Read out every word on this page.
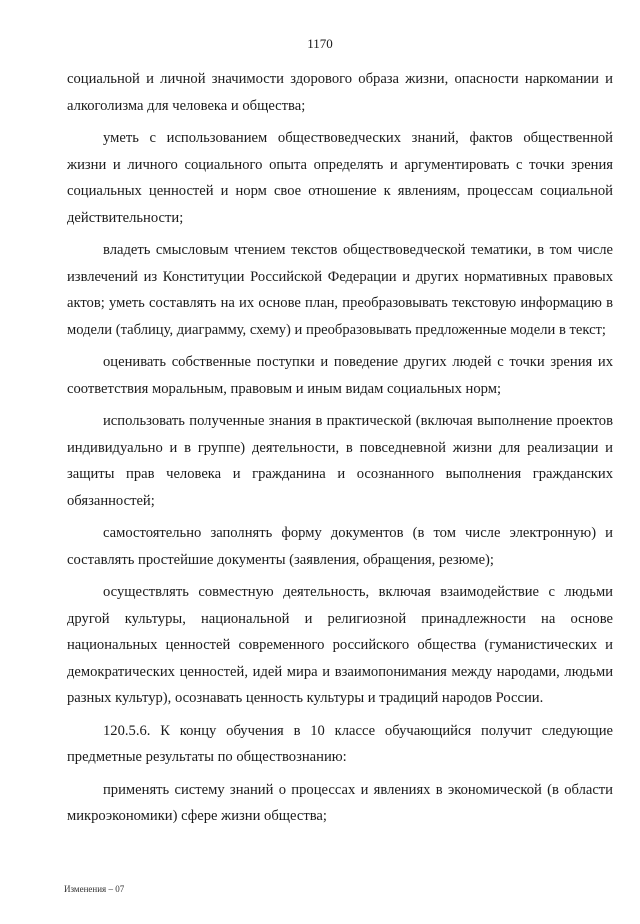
1170

социальной и личной значимости здорового образа жизни, опасности наркомании и алкоголизма для человека и общества;

уметь с использованием обществоведческих знаний, фактов общественной жизни и личного социального опыта определять и аргументировать с точки зрения социальных ценностей и норм свое отношение к явлениям, процессам социальной действительности;

владеть смысловым чтением текстов обществоведческой тематики, в том числе извлечений из Конституции Российской Федерации и других нормативных правовых актов; уметь составлять на их основе план, преобразовывать текстовую информацию в модели (таблицу, диаграмму, схему) и преобразовывать предложенные модели в текст;

оценивать собственные поступки и поведение других людей с точки зрения их соответствия моральным, правовым и иным видам социальных норм;

использовать полученные знания в практической (включая выполнение проектов индивидуально и в группе) деятельности, в повседневной жизни для реализации и защиты прав человека и гражданина и осознанного выполнения гражданских обязанностей;

самостоятельно заполнять форму документов (в том числе электронную) и составлять простейшие документы (заявления, обращения, резюме);

осуществлять совместную деятельность, включая взаимодействие с людьми другой культуры, национальной и религиозной принадлежности на основе национальных ценностей современного российского общества (гуманистических и демократических ценностей, идей мира и взаимопонимания между народами, людьми разных культур), осознавать ценность культуры и традиций народов России.

120.5.6. К концу обучения в 10 классе обучающийся получит следующие предметные результаты по обществознанию:

применять систему знаний о процессах и явлениях в экономической (в области микроэкономики) сфере жизни общества;

Изменения – 07
